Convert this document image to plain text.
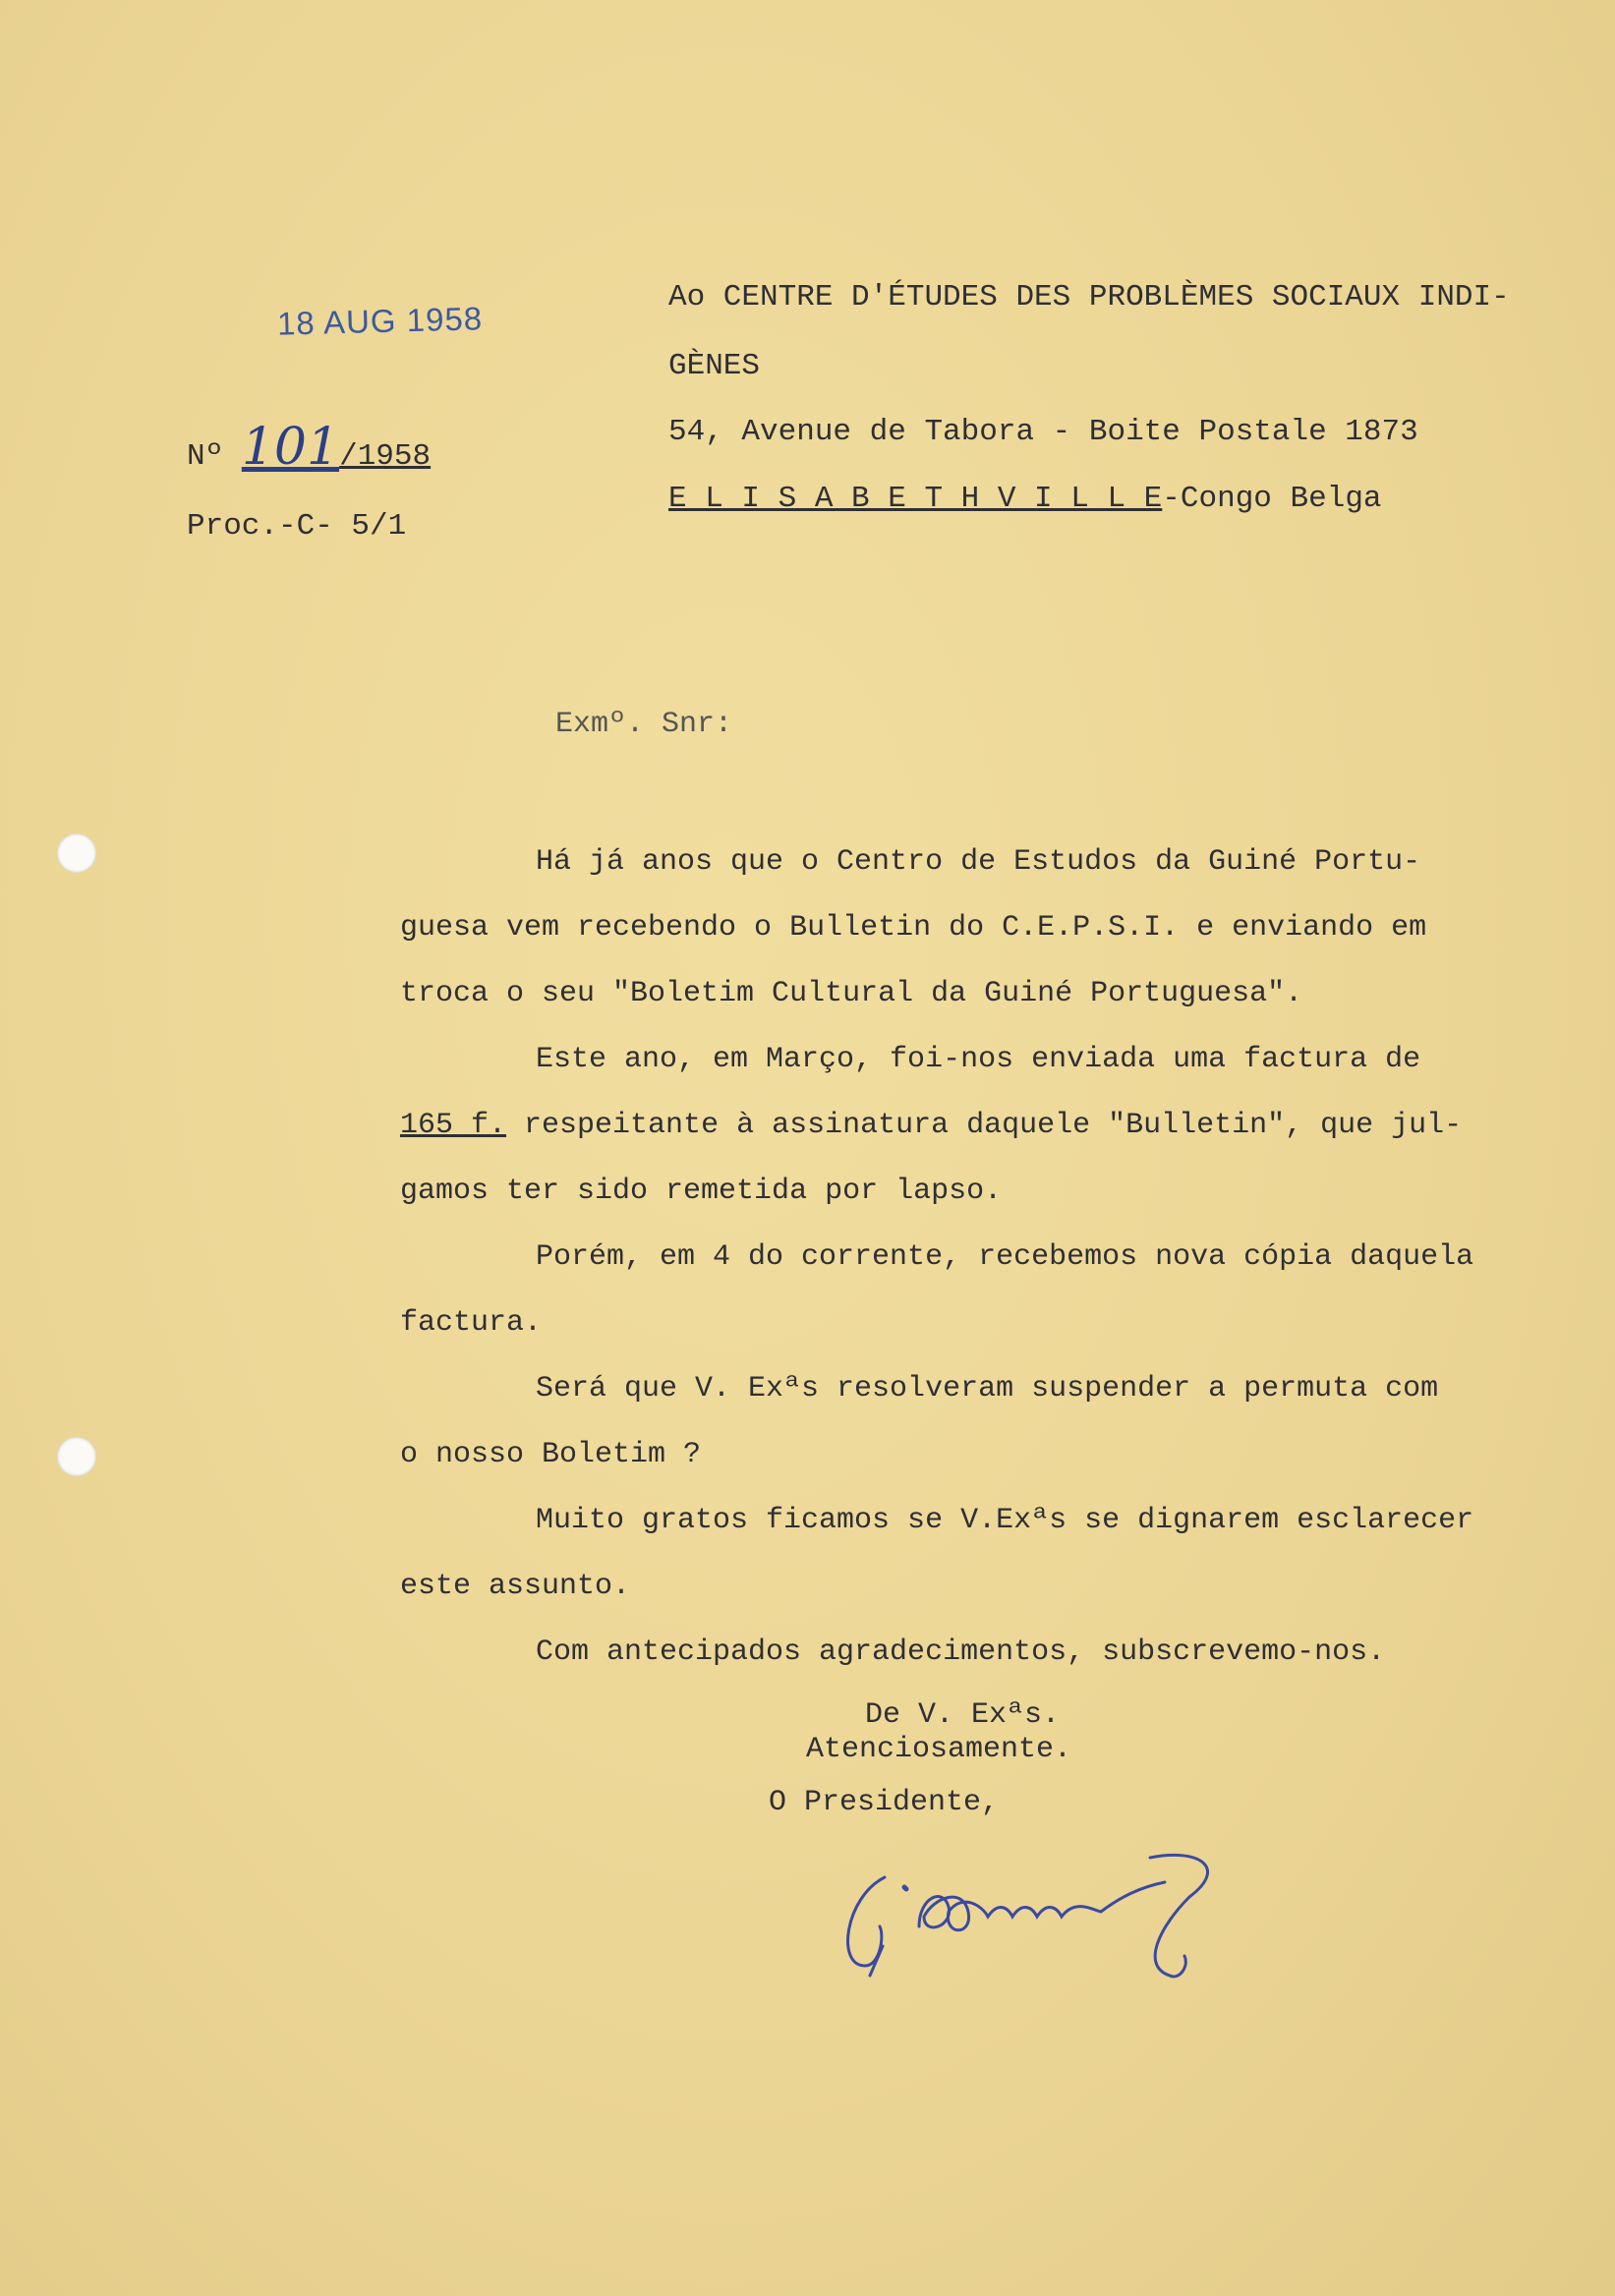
18 AUG 1958
Nº 101/1958
Proc.-C- 5/1
Ao CENTRE D'ÉTUDES DES PROBLÈMES SOCIAUX INDI-
GÈNES
54, Avenue de Tabora - Boite Postale 1873
E L I S A B E T H V I L L E-Congo Belga
Exmº. Snr:
Há já anos que o Centro de Estudos da Guiné Portu-
guesa vem recebendo o Bulletin do C.E.P.S.I. e enviando em
troca o seu "Boletim Cultural da Guiné Portuguesa".
Este ano, em Março, foi-nos enviada uma factura de
165 f. respeitante à assinatura daquele "Bulletin", que jul-
gamos ter sido remetida por lapso.
Porém, em 4 do corrente, recebemos nova cópia daquela
factura.
Será que V. Exªs resolveram suspender a permuta com
o nosso Boletim ?
Muito gratos ficamos se V.Exªs se dignarem esclarecer
este assunto.
Com antecipados agradecimentos, subscrevemo-nos.
De V. Exªs.
Atenciosamente.
O Presidente,
